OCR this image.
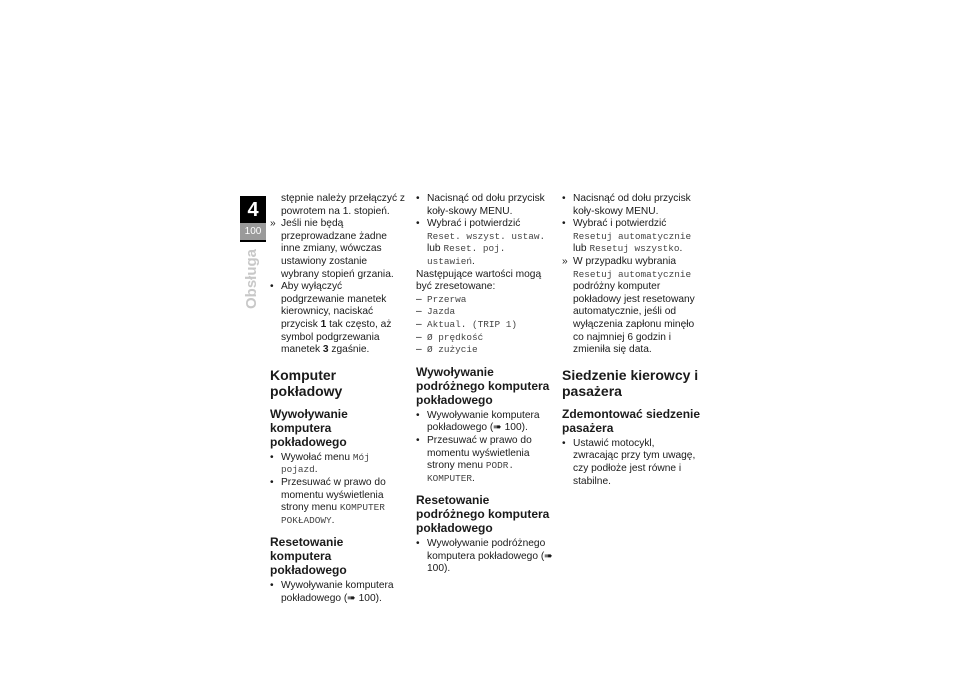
4
100
Obsługa

stępnie należy przełączyć z powrotem na 1. stopień.

» Jeśli nie będą przeprowadzane żadne inne zmiany, wówczas ustawiony zostanie wybrany stopień grzania.

• Aby wyłączyć podgrzewanie manetek kierownicy, naciskać przycisk 1 tak często, aż symbol podgrzewania manetek 3 zgaśnie.

Komputer pokładowy
Wywoływanie komputera pokładowego

• Wywołać menu Mój pojazd.

• Przesuwać w prawo do momentu wyświetlenia strony menu KOMPUTER POKŁADOWY.

Resetowanie komputera pokładowego

• Wywoływanie komputera pokładowego (➠ 100).

• Nacisnąć od dołu przycisk koły-skowy MENU.

• Wybrać i potwierdzić Reset. wszyst. ustaw. lub Reset. poj. ustawień.

Następujące wartości mogą być zresetowane:

– Przerwa

– Jazda

– Aktual. (TRIP 1)

– Ø prędkość

– Ø zużycie

Wywoływanie podróżnego komputera pokładowego

• Wywoływanie komputera pokładowego (➠ 100).

• Przesuwać w prawo do momentu wyświetlenia strony menu PODR. KOMPUTER.

Resetowanie podróżnego komputera pokładowego

• Wywoływanie podróżnego komputera pokładowego (➠ 100).

• Nacisnąć od dołu przycisk koły-skowy MENU.

• Wybrać i potwierdzić Resetuj automatycznie lub Resetuj wszystko.

» W przypadku wybrania Resetuj automatycznie podróżny komputer pokładowy jest resetowany automatycznie, jeśli od wyłączenia zapłonu minęło co najmniej 6 godzin i zmieniła się data.

Siedzenie kierowcy i pasażera
Zdemontować siedzenie pasażera

• Ustawić motocykl, zwracając przy tym uwagę, czy podłoże jest równe i stabilne.
